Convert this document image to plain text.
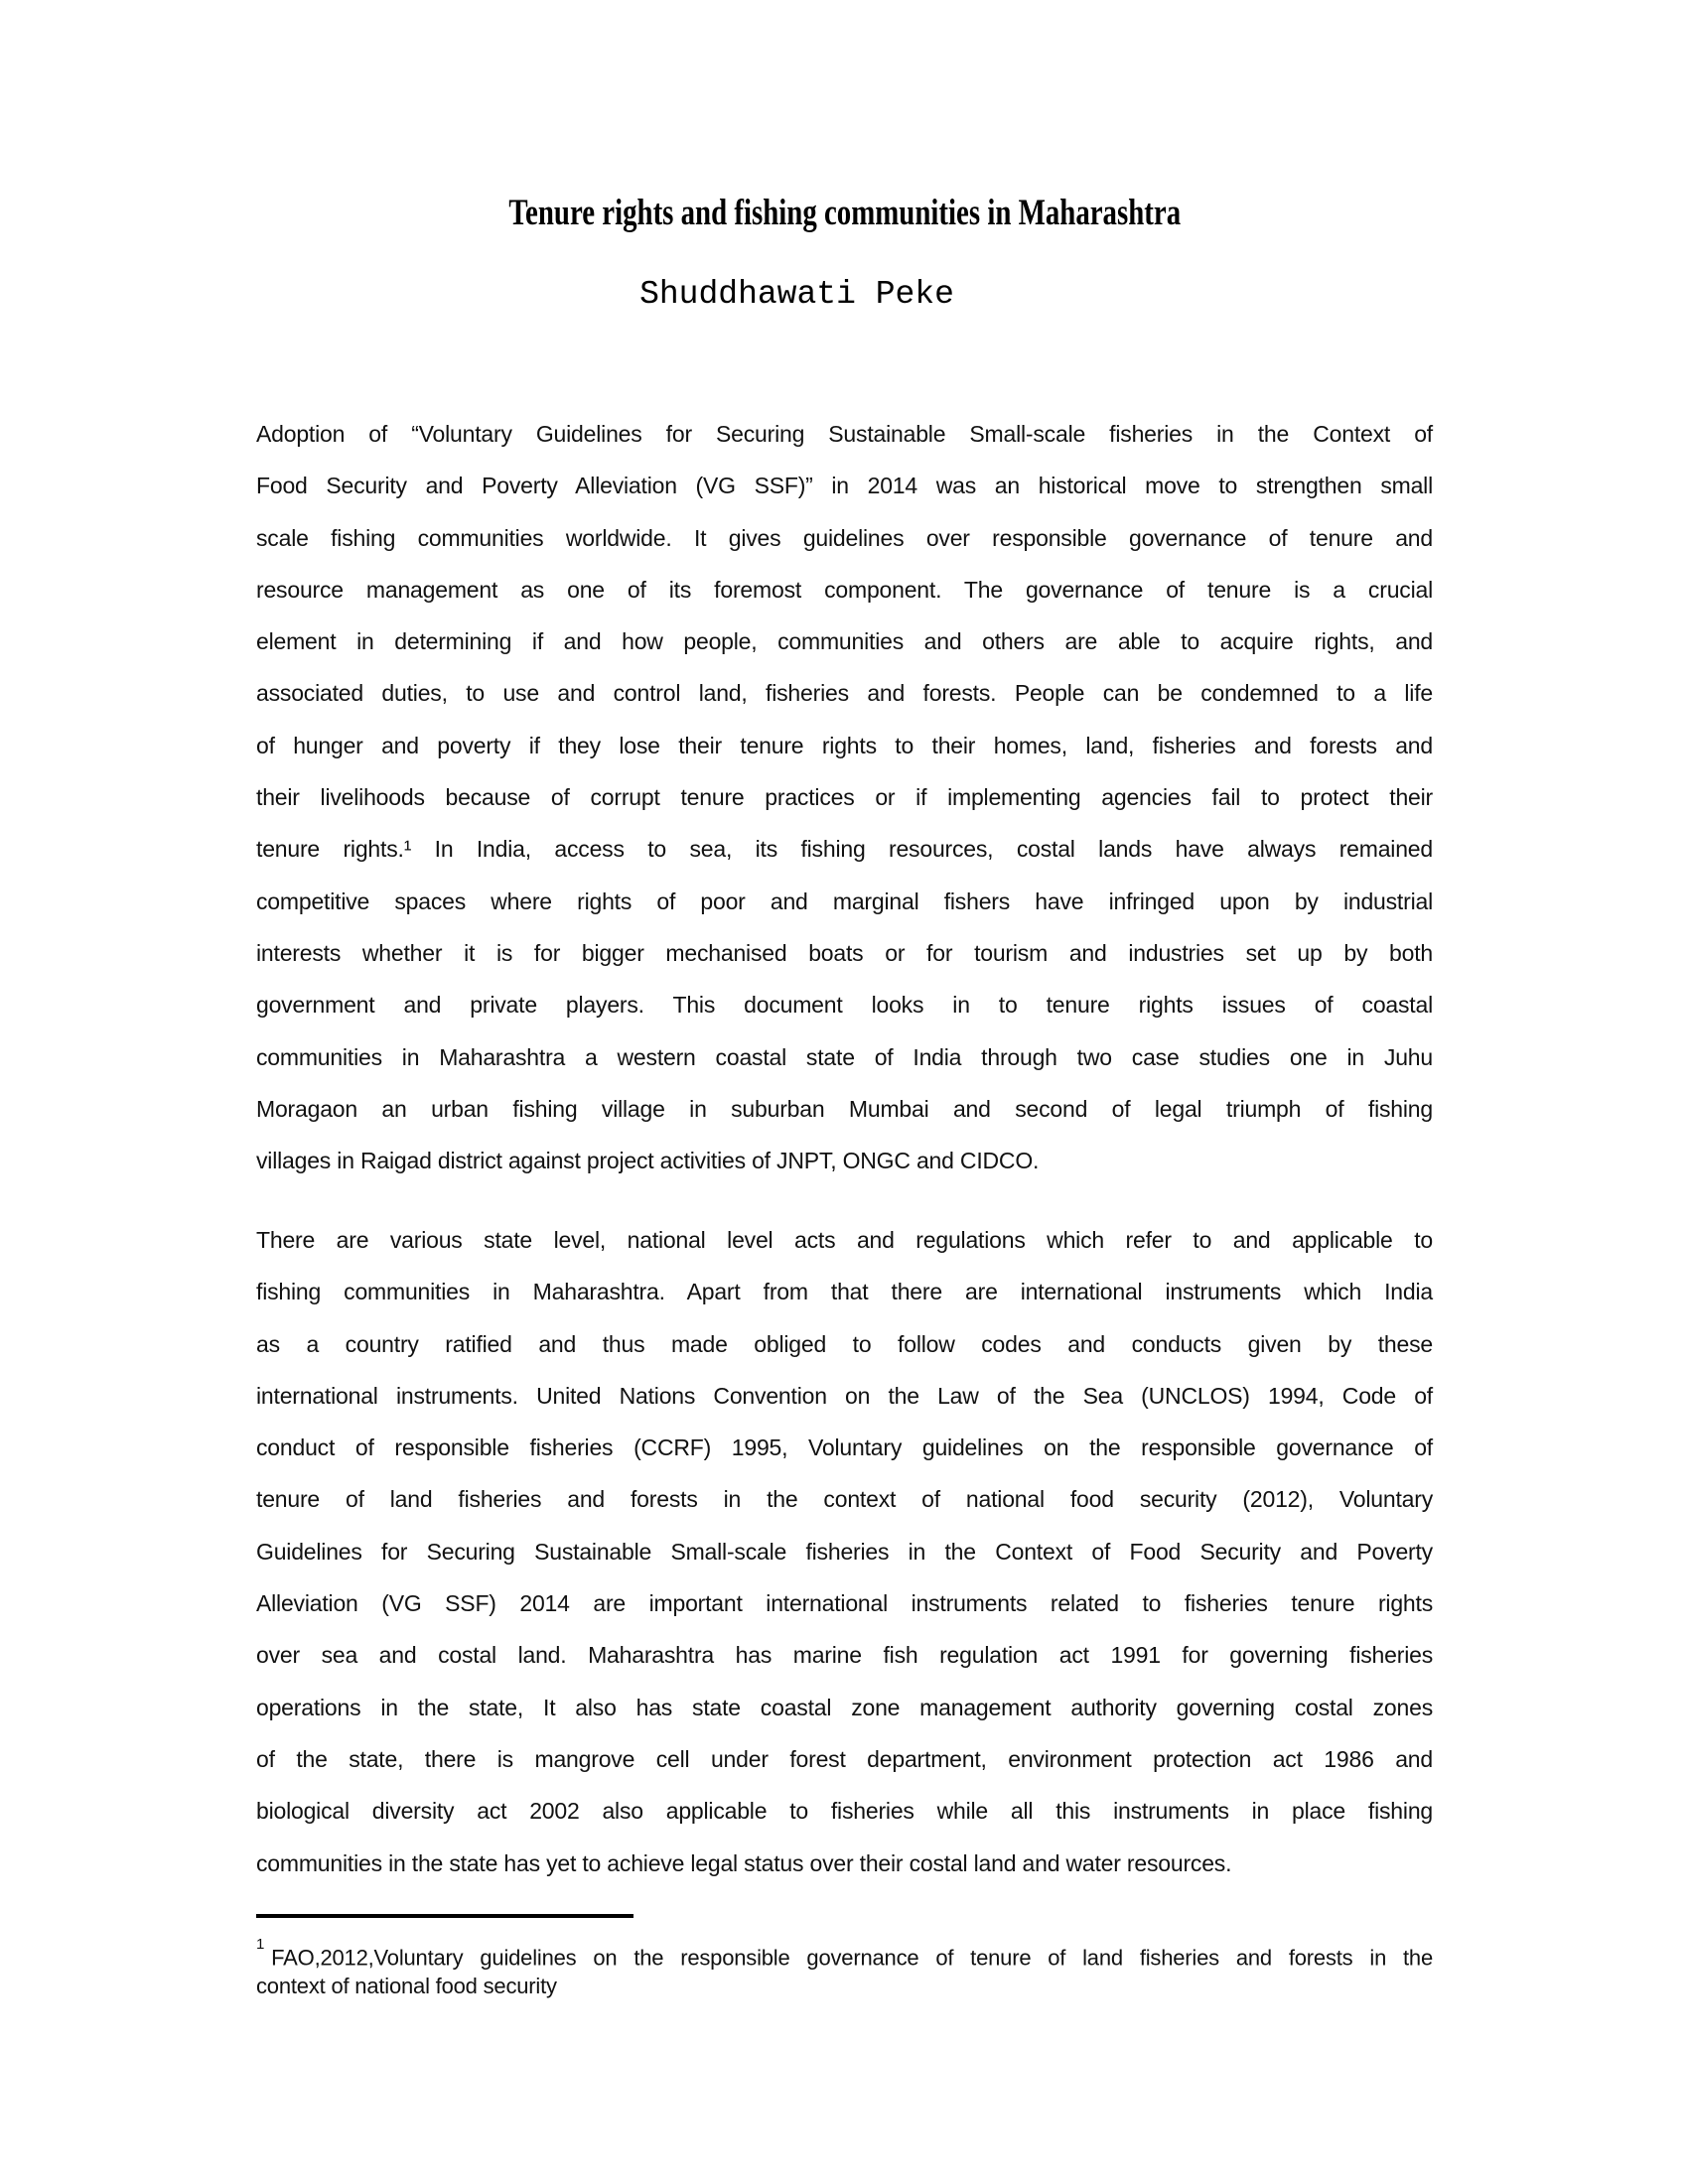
Tenure rights and fishing communities in Maharashtra
Shuddhawati Peke
Adoption of “Voluntary Guidelines for Securing Sustainable Small-scale fisheries in the Context of
Food Security and Poverty Alleviation (VG SSF)” in 2014 was an historical move to strengthen small
scale fishing communities worldwide. It gives guidelines over responsible governance of tenure and
resource management as one of its foremost component. The governance of tenure is a crucial
element in determining if and how people, communities and others are able to acquire rights, and
associated duties, to use and control land, fisheries and forests. People can be condemned to a life
of hunger and poverty if they lose their tenure rights to their homes, land, fisheries and forests and
their livelihoods because of corrupt tenure practices or if implementing agencies fail to protect their
tenure rights.¹ In India, access to sea, its fishing resources, costal lands have always remained
competitive spaces where rights of poor and marginal fishers have infringed upon by industrial
interests whether it is for bigger mechanised boats or for tourism and industries set up by both
government and private players. This document looks in to tenure rights issues of coastal
communities in Maharashtra a western coastal state of India through two case studies one in Juhu
Moragaon an urban fishing village in suburban Mumbai and second of legal triumph of fishing
villages in Raigad district against project activities of JNPT, ONGC and CIDCO.
There are various state level, national level acts and regulations which refer to and applicable to
fishing communities in Maharashtra. Apart from that there are international instruments which India
as a country ratified and thus made obliged to follow codes and conducts given by these
international instruments. United Nations Convention on the Law of the Sea (UNCLOS) 1994, Code of
conduct of responsible fisheries (CCRF) 1995, Voluntary guidelines on the responsible governance of
tenure of land fisheries and forests in the context of national food security (2012), Voluntary
Guidelines for Securing Sustainable Small-scale fisheries in the Context of Food Security and Poverty
Alleviation (VG SSF) 2014 are important international instruments related to fisheries tenure rights
over sea and costal land. Maharashtra has marine fish regulation act 1991 for governing fisheries
operations in the state, It also has state coastal zone management authority governing costal zones
of the state, there is mangrove cell under forest department, environment protection act 1986 and
biological diversity act 2002 also applicable to fisheries while all this instruments in place fishing
communities in the state has yet to achieve legal status over their costal land and water resources.
$^1$FAO,2012,Voluntary guidelines on the responsible governance of tenure of land fisheries and forests in the
context of national food security
